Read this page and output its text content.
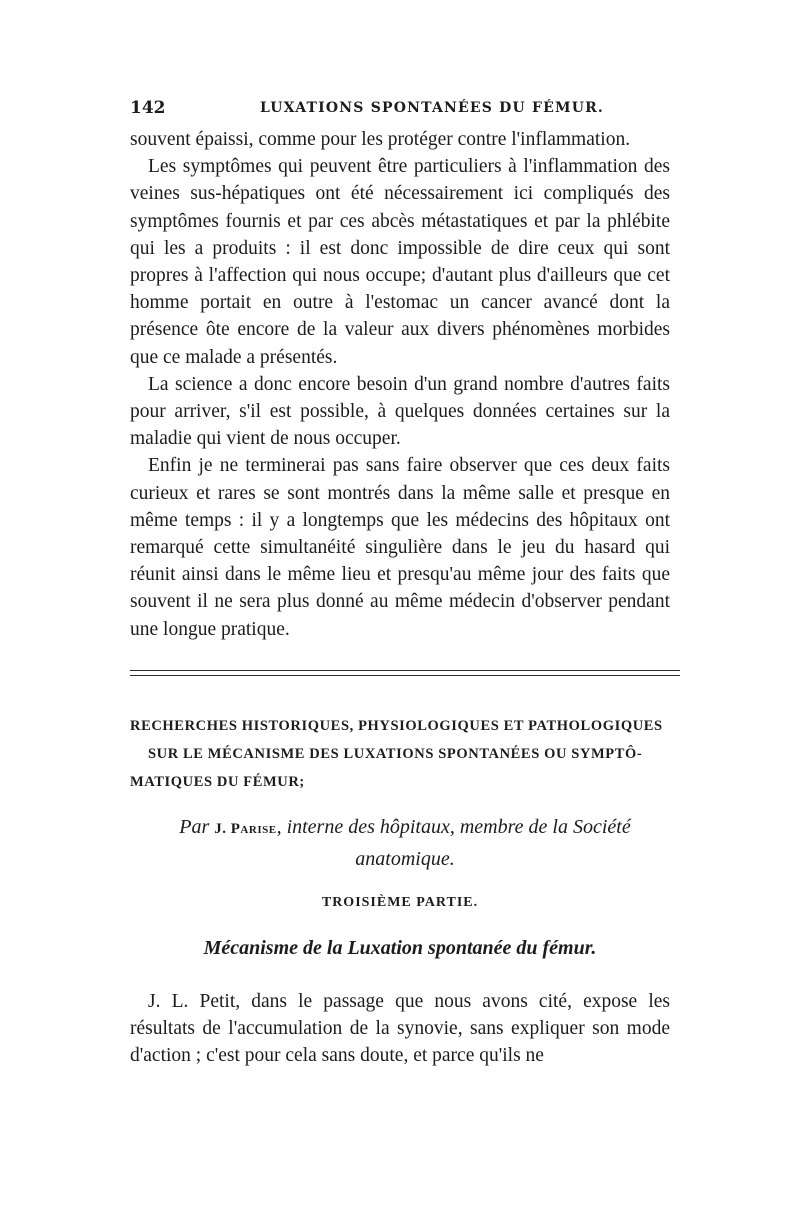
142	LUXATIONS SPONTANÉES DU FÉMUR.

souvent épaissi, comme pour les protéger contre l'inflammation.

Les symptômes qui peuvent être particuliers à l'inflammation des veines sus-hépatiques ont été nécessairement ici compliqués des symptômes fournis et par ces abcès métastatiques et par la phlébite qui les a produits : il est donc impossible de dire ceux qui sont propres à l'affection qui nous occupe; d'autant plus d'ailleurs que cet homme portait en outre à l'estomac un cancer avancé dont la présence ôte encore de la valeur aux divers phénomènes morbides que ce malade a présentés.

La science a donc encore besoin d'un grand nombre d'autres faits pour arriver, s'il est possible, à quelques données certaines sur la maladie qui vient de nous occuper.

Enfin je ne terminerai pas sans faire observer que ces deux faits curieux et rares se sont montrés dans la même salle et presque en même temps : il y a longtemps que les médecins des hôpitaux ont remarqué cette simultanéité singulière dans le jeu du hasard qui réunit ainsi dans le même lieu et presqu'au même jour des faits que souvent il ne sera plus donné au même médecin d'observer pendant une longue pratique.

RECHERCHES HISTORIQUES, PHYSIOLOGIQUES ET PATHOLOGIQUES
SUR LE MÉCANISME DES LUXATIONS SPONTANÉES OU SYMPTÔ-
MATIQUES DU FÉMUR;
Par J. Parise, interne des hôpitaux, membre de la Société anatomique.
TROISIÈME PARTIE.
Mécanisme de la Luxation spontanée du fémur.

J. L. Petit, dans le passage que nous avons cité, expose les résultats de l'accumulation de la synovie, sans expliquer son mode d'action ; c'est pour cela sans doute, et parce qu'ils ne
